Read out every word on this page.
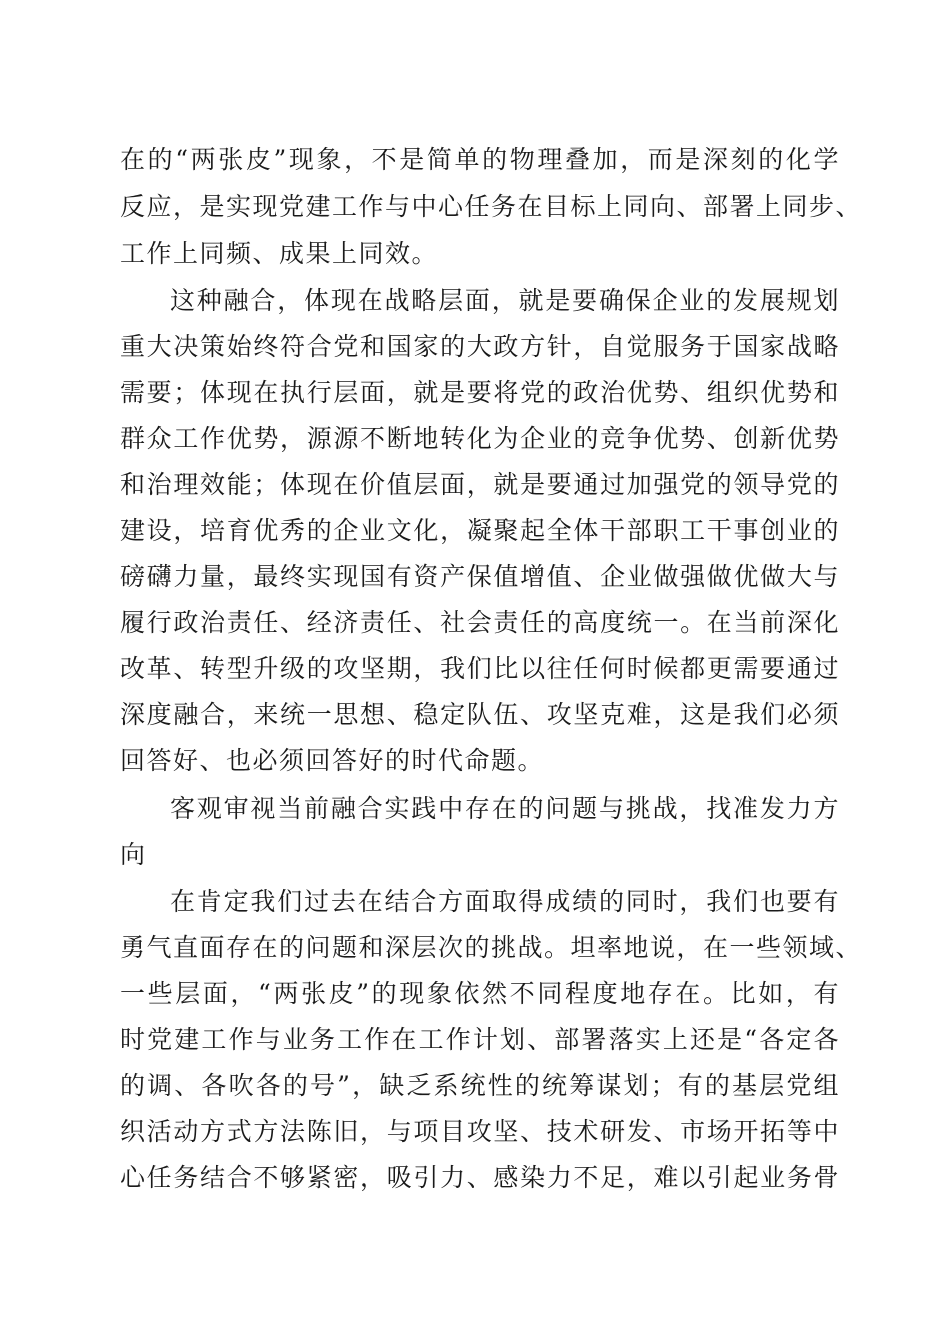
在的“两张皮”现象，不是简单的物理叠加，而是深刻的化学
反应，是实现党建工作与中心任务在目标上同向、部署上同步、
工作上同频、成果上同效。
这种融合，体现在战略层面，就是要确保企业的发展规划
重大决策始终符合党和国家的大政方针，自觉服务于国家战略
需要；体现在执行层面，就是要将党的政治优势、组织优势和
群众工作优势，源源不断地转化为企业的竞争优势、创新优势
和治理效能；体现在价值层面，就是要通过加强党的领导党的
建设，培育优秀的企业文化，凝聚起全体干部职工干事创业的
磅礴力量，最终实现国有资产保值增值、企业做强做优做大与
履行政治责任、经济责任、社会责任的高度统一。在当前深化
改革、转型升级的攻坚期，我们比以往任何时候都更需要通过
深度融合，来统一思想、稳定队伍、攻坚克难，这是我们必须
回答好、也必须回答好的时代命题。
客观审视当前融合实践中存在的问题与挑战，找准发力方
向
在肯定我们过去在结合方面取得成绩的同时，我们也要有
勇气直面存在的问题和深层次的挑战。坦率地说，在一些领域、
一些层面，“两张皮”的现象依然不同程度地存在。比如，有
时党建工作与业务工作在工作计划、部署落实上还是“各定各
的调、各吹各的号”，缺乏系统性的统筹谋划；有的基层党组
织活动方式方法陈旧，与项目攻坚、技术研发、市场开拓等中
心任务结合不够紧密，吸引力、感染力不足，难以引起业务骨
